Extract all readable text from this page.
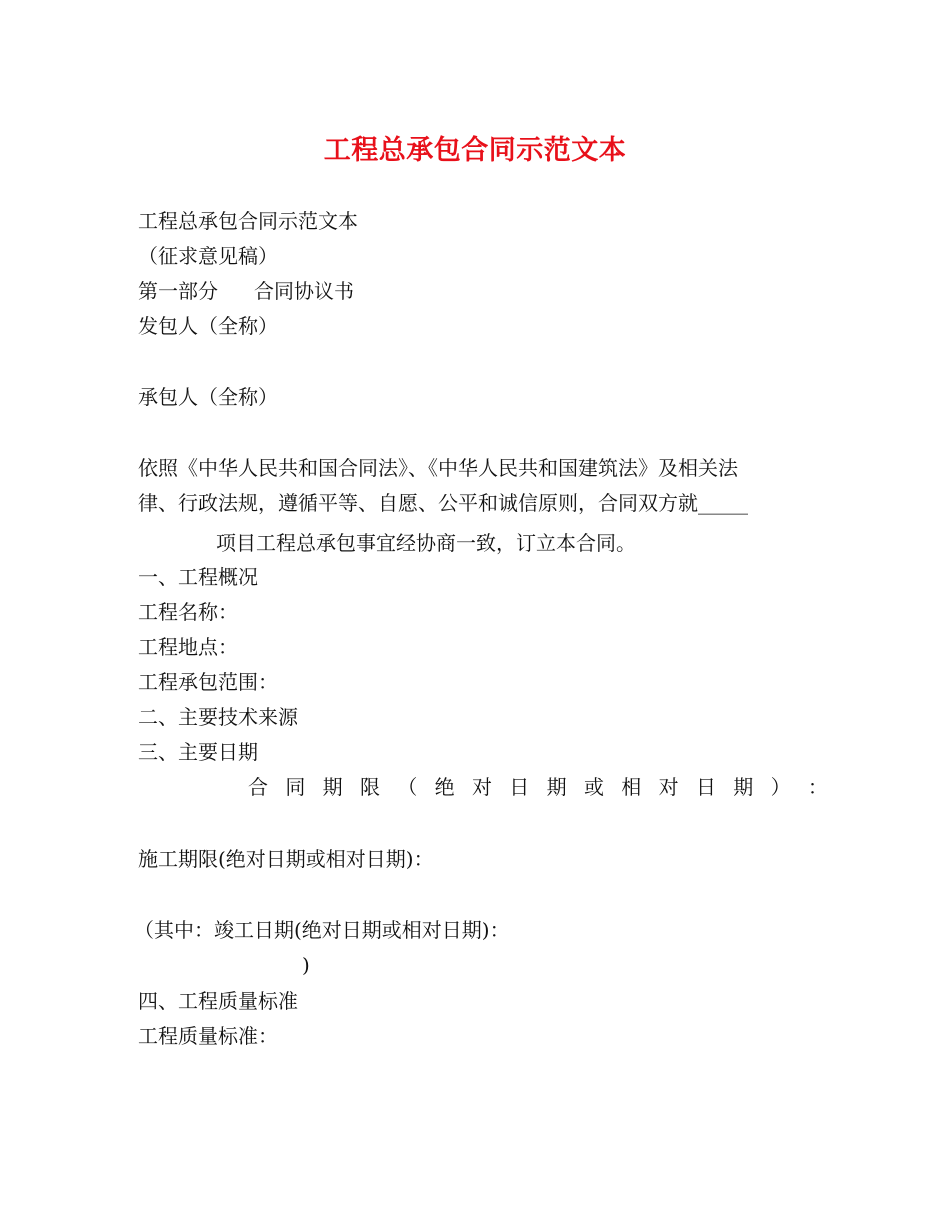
工程总承包合同示范文本
工程总承包合同示范文本
（征求意见稿）
第一部分 合同协议书
发包人（全称）
承包人（全称）
依照《中华人民共和国合同法》、《中华人民共和国建筑法》及相关法
律、行政法规，遵循平等、自愿、公平和诚信原则，合同双方就_____
项目工程总承包事宜经协商一致，订立本合同。
一、工程概况
工程名称：
工程地点：
工程承包范围：
二、主要技术来源
三、主要日期
合 同 期 限 （ 绝 对 日 期 或 相 对 日 期 ） ：
施工期限(绝对日期或相对日期)：
（其中：竣工日期(绝对日期或相对日期)：
)
四、工程质量标准
工程质量标准：
